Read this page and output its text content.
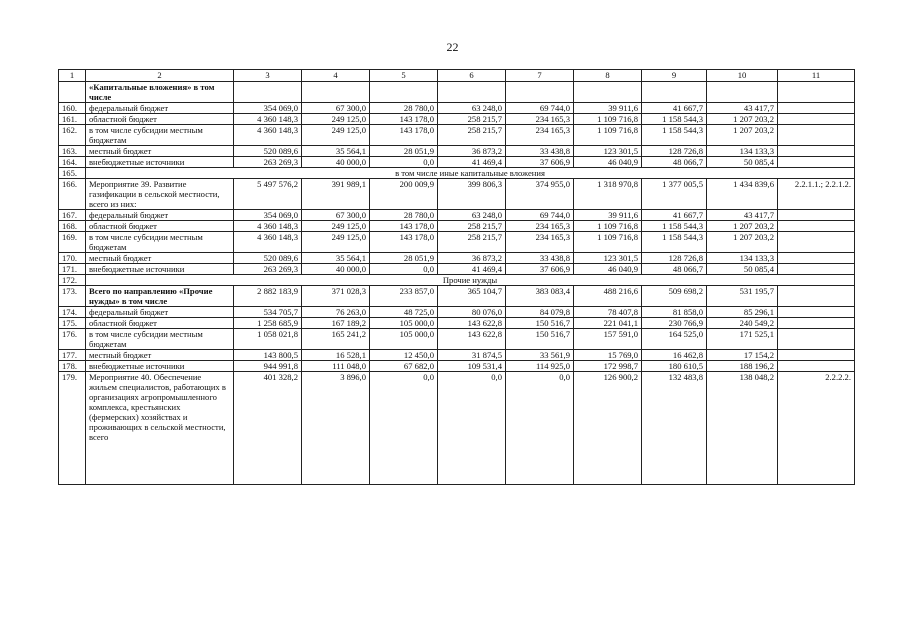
22
1	2	3	4	5	6	7	8	9	10	11
	«Капитальные вложения» в том числе									
160.	федеральный бюджет	354 069,0	67 300,0	28 780,0	63 248,0	69 744,0	39 911,6	41 667,7	43 417,7	
161.	областной бюджет	4 360 148,3	249 125,0	143 178,0	258 215,7	234 165,3	1 109 716,8	1 158 544,3	1 207 203,2	
162.	в том числе субсидии местным бюджетам	4 360 148,3	249 125,0	143 178,0	258 215,7	234 165,3	1 109 716,8	1 158 544,3	1 207 203,2	
163.	местный бюджет	520 089,6	35 564,1	28 051,9	36 873,2	33 438,8	123 301,5	128 726,8	134 133,3	
164.	внебюджетные источники	263 269,3	40 000,0	0,0	41 469,4	37 606,9	46 040,9	48 066,7	50 085,4	
165.	в том числе иные капитальные вложения									
166.	Мероприятие 39. Развитие газификации в сельской местности, всего из них:	5 497 576,2	391 989,1	200 009,9	399 806,3	374 955,0	1 318 970,8	1 377 005,5	1 434 839,6	2.2.1.1.; 2.2.1.2.
167.	федеральный бюджет	354 069,0	67 300,0	28 780,0	63 248,0	69 744,0	39 911,6	41 667,7	43 417,7	
168.	областной бюджет	4 360 148,3	249 125,0	143 178,0	258 215,7	234 165,3	1 109 716,8	1 158 544,3	1 207 203,2	
169.	в том числе субсидии местным бюджетам	4 360 148,3	249 125,0	143 178,0	258 215,7	234 165,3	1 109 716,8	1 158 544,3	1 207 203,2	
170.	местный бюджет	520 089,6	35 564,1	28 051,9	36 873,2	33 438,8	123 301,5	128 726,8	134 133,3	
171.	внебюджетные источники	263 269,3	40 000,0	0,0	41 469,4	37 606,9	46 040,9	48 066,7	50 085,4	
172.	Прочие нужды									
173.	Всего по направлению «Прочие нужды» в том числе	2 882 183,9	371 028,3	233 857,0	365 104,7	383 083,4	488 216,6	509 698,2	531 195,7	
174.	федеральный бюджет	534 705,7	76 263,0	48 725,0	80 076,0	84 079,8	78 407,8	81 858,0	85 296,1	
175.	областной бюджет	1 258 685,9	167 189,2	105 000,0	143 622,8	150 516,7	221 041,1	230 766,9	240 549,2	
176.	в том числе субсидии местным бюджетам	1 058 021,8	165 241,2	105 000,0	143 622,8	150 516,7	157 591,0	164 525,0	171 525,1	
177.	местный бюджет	143 800,5	16 528,1	12 450,0	31 874,5	33 561,9	15 769,0	16 462,8	17 154,2	
178.	внебюджетные источники	944 991,8	111 048,0	67 682,0	109 531,4	114 925,0	172 998,7	180 610,5	188 196,2	
179.	Мероприятие 40. Обеспечение жильем специалистов, работающих в организациях агропромышленного комплекса, крестьянских (фермерских) хозяйствах и проживающих в сельской местности, всего	401 328,2	3 896,0	0,0	0,0	0,0	126 900,2	132 483,8	138 048,2	2.2.2.2.
